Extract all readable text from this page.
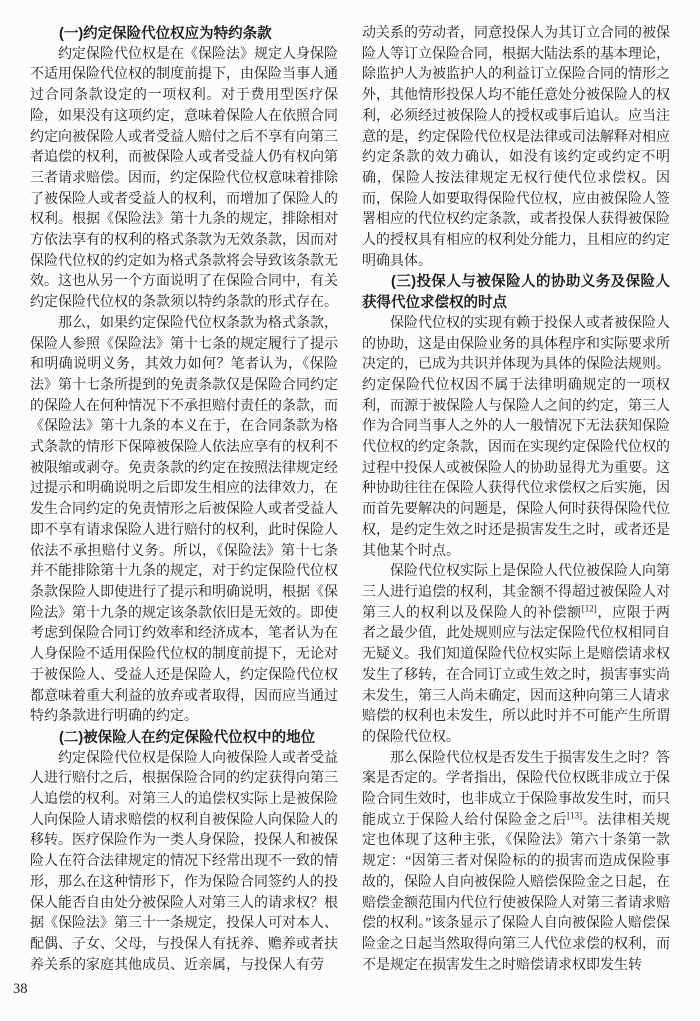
(一)约定保险代位权应为特约条款

约定保险代位权是在《保险法》规定人身保险不适用保险代位权的制度前提下，由保险当事人通过合同条款设定的一项权利。对于费用型医疗保险，如果没有这项约定，意味着保险人在依照合同约定向被保险人或者受益人赔付之后不享有向第三者追偿的权利，而被保险人或者受益人仍有权向第三者请求赔偿。因而，约定保险代位权意味着排除了被保险人或者受益人的权利，而增加了保险人的权利。根据《保险法》第十九条的规定，排除相对方依法享有的权利的格式条款为无效条款，因而对保险代位权的约定如为格式条款将会导致该条款无效。这也从另一个方面说明了在保险合同中，有关约定保险代位权的条款须以特约条款的形式存在。

那么，如果约定保险代位权条款为格式条款，保险人参照《保险法》第十七条的规定履行了提示和明确说明义务，其效力如何？笔者认为，《保险法》第十七条所提到的免责条款仅是保险合同约定的保险人在何种情况下不承担赔付责任的条款，而《保险法》第十九条的本义在于，在合同条款为格式条款的情形下保障被保险人依法应享有的权利不被限缩或剥夺。免责条款的约定在按照法律规定经过提示和明确说明之后即发生相应的法律效力，在发生合同约定的免责情形之后被保险人或者受益人即不享有请求保险人进行赔付的权利，此时保险人依法不承担赔付义务。所以，《保险法》第十七条并不能排除第十九条的规定，对于约定保险代位权条款保险人即使进行了提示和明确说明，根据《保险法》第十九条的规定该条款依旧是无效的。即使考虑到保险合同订约效率和经济成本，笔者认为在人身保险不适用保险代位权的制度前提下，无论对于被保险人、受益人还是保险人，约定保险代位权都意味着重大利益的放弃或者取得，因而应当通过特约条款进行明确的约定。

(二)被保险人在约定保险代位权中的地位

约定保险代位权是保险人向被保险人或者受益人进行赔付之后，根据保险合同的约定获得向第三人追偿的权利。对第三人的追偿权实际上是被保险人向保险人请求赔偿的权利自被保险人向保险人的移转。医疗保险作为一类人身保险，投保人和被保险人在符合法律规定的情况下经常出现不一致的情形，那么在这种情形下，作为保险合同签约人的投保人能否自由处分被保险人对第三人的请求权？根据《保险法》第三十一条规定，投保人可对本人、配偶、子女、父母，与投保人有抚养、赡养或者扶养关系的家庭其他成员、近亲属，与投保人有劳

动关系的劳动者，同意投保人为其订立合同的被保险人等订立保险合同，根据大陆法系的基本理论，除监护人为被监护人的利益订立保险合同的情形之外，其他情形投保人均不能任意处分被保险人的权利，必须经过被保险人的授权或事后追认。应当注意的是，约定保险代位权是法律或司法解释对相应约定条款的效力确认，如没有该约定或约定不明确，保险人按法律规定无权行使代位求偿权。因而，保险人如要取得保险代位权，应由被保险人签署相应的代位权约定条款，或者投保人获得被保险人的授权具有相应的权利处分能力，且相应的约定明确具体。

(三)投保人与被保险人的协助义务及保险人获得代位求偿权的时点

保险代位权的实现有赖于投保人或者被保险人的协助，这是由保险业务的具体程序和实际要求所决定的，已成为共识并体现为具体的保险法规则。约定保险代位权因不属于法律明确规定的一项权利，而源于被保险人与保险人之间的约定，第三人作为合同当事人之外的人一般情况下无法获知保险代位权的约定条款，因而在实现约定保险代位权的过程中投保人或被保险人的协助显得尤为重要。这种协助往往在保险人获得代位求偿权之后实施，因而首先要解决的问题是，保险人何时获得保险代位权，是约定生效之时还是损害发生之时，或者还是其他某个时点。

保险代位权实际上是保险人代位被保险人向第三人进行追偿的权利，其金额不得超过被保险人对第三人的权利以及保险人的补偿额[12]，应限于两者之最少值，此处规则应与法定保险代位权相同自无疑义。我们知道保险代位权实际上是赔偿请求权发生了移转，在合同订立或生效之时，损害事实尚未发生，第三人尚未确定，因而这种向第三人请求赔偿的权利也未发生，所以此时并不可能产生所谓的保险代位权。

那么保险代位权是否发生于损害发生之时？答案是否定的。学者指出，保险代位权既非成立于保险合同生效时，也非成立于保险事故发生时，而只能成立于保险人给付保险金之后[13]。法律相关规定也体现了这种主张，《保险法》第六十条第一款规定：“因第三者对保险标的的损害而造成保险事故的，保险人自向被保险人赔偿保险金之日起，在赔偿金额范围内代位行使被保险人对第三者请求赔偿的权利。”该条显示了保险人自向被保险人赔偿保险金之日起当然取得向第三人代位求偿的权利，而不是规定在损害发生之时赔偿请求权即发生转

38
